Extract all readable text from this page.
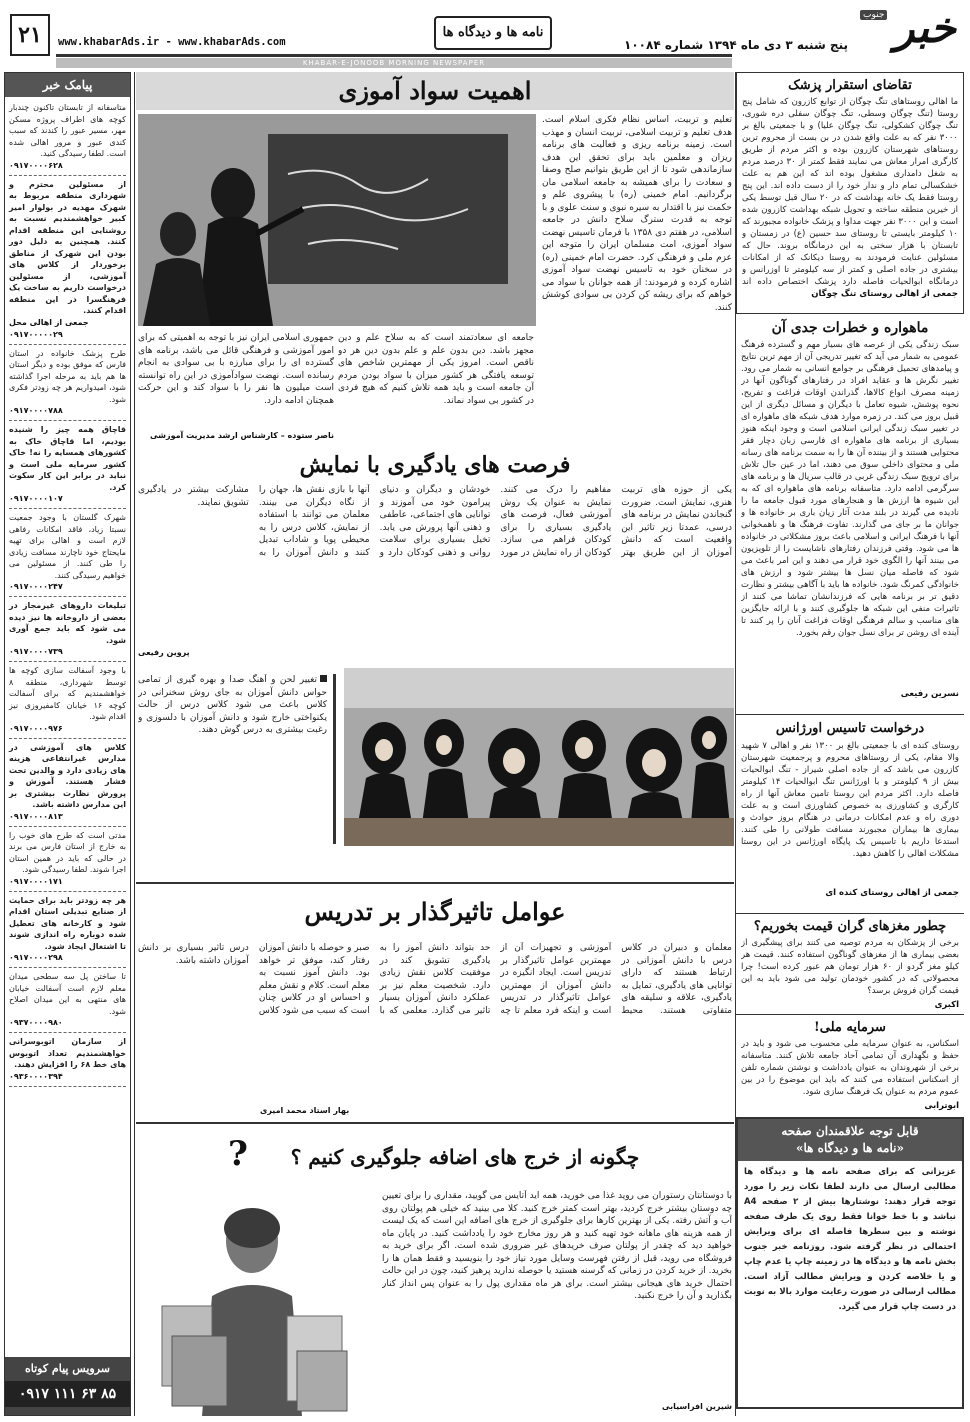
خبر
جنوب
پنج شنبه ۳ دی ماه ۱۳۹۴ شماره ۱۰۰۸۴
نامه ها و دیدگاه ها
www.khabarAds.ir - www.khabarAds.com
۲۱
KHABAR-E-JONOOB MORNING NEWSPAPER
تقاضای استقرار پزشک
ما اهالی روستاهای تنگ چوگان از توابع کازرون که شامل پنج روستا (تنگ چوگان وسطی، تنگ چوگان سفلی دره شوری، تنگ چوگان کشکولی، تنگ چوگان علیا) و با جمعیتی بالغ بر ۳۰۰۰ نفر که به علت واقع شدن در بن بست از محروم ترین روستاهای شهرستان کازرون بوده و اکثر مردم از طریق کارگری امرار معاش می نمایند فقط کمتر از ۳۰ درصد مردم به شغل دامداری مشغول بوده اند که این هم به علت خشکسالی تمام دار و ندار خود را از دست داده اند. این پنج روستا فقط یک خانه بهداشت که در ۲۰ سال قبل توسط یکی از خیرین منطقه ساخته و تحویل شبکه بهداشت کازرون شده است و این ۳۰۰۰ نفر جهت مداوا و پزشک خانواده مجبورند که ۱۰ کیلومتر بایستی تا روستای سد حسین (ع) در زمستان و تابستان با هزار سختی به این درمانگاه بروند. حال که مسئولین عنایت فرمودند به روستا دیکانک که از امکانات بیشتری در جاده اصلی و کمتر از سه کیلومتر تا اوزرانس و درمانگاه ابوالحیات فاصله دارد پزشک اختصاص داده اند
جمعی از اهالی روستای تنگ چوگان
ماهواره و خطرات جدی آن
سبک زندگی یکی از عرصه های بسیار مهم و گسترده فرهنگ عمومی به شمار می آید که تغییر تدریجی آن از مهم ترین نتایج و پیامدهای تحمیل فرهنگی بر جوامع انسانی به شمار می رود. تغییر نگرش ها و عقاید افراد در رفتارهای گوناگون آنها در زمینه مصرف انواع کالاها، گذراندن اوقات فراغت و تفریح، نحوه پوشش، شیوه تعامل با دیگران و مسائل دیگری از این قبیل بروز می کند. در زمره موارد هدف شبکه های ماهواره ای در تغییر سبک زندگی ایرانی اسلامی است و وجود اینکه هنوز بسیاری از برنامه های ماهواره ای فارسی زبان دچار فقر محتوایی هستند و از بیننده آن ها را به سمت برنامه های رسانه ملی و محتوای داخلی سوق می دهند، اما در عین حال تلاش برای ترویج سبک زندگی غربی در قالب سریال ها و برنامه های سرگرمی ادامه دارد. متاسفانه برنامه های ماهواره ای که به این شیوه ها ارزش ها و هنجارهای مورد قبول جامعه ما را نادیده می گیرند در بلند مدت آثار زیان باری بر خانواده ها و جوانان ما بر جای می گذارند. تفاوت فرهنگ ها و ناهمخوانی آنها با فرهنگ ایرانی و اسلامی باعث بروز مشکلاتی در خانواده ها می شود. وقتی فرزندان رفتارهای ناشایست را از تلویزیون می بینند آنها را الگوی خود قرار می دهند و این امر باعث می شود که فاصله میان نسل ها بیشتر شود و ارزش های خانوادگی کمرنگ شود. خانواده ها باید با آگاهی بیشتر و نظارت دقیق تر بر برنامه هایی که فرزندانشان تماشا می کنند از تاثیرات منفی این شبکه ها جلوگیری کنند و با ارائه جایگزین های مناسب و سالم فرهنگی اوقات فراغت آنان را پر کنند تا آینده ای روشن تر برای نسل جوان رقم بخورد.
نسرین رفیعی
درخواست تاسیس اورژانس
روستای کنده ای با جمعیتی بالغ بر ۱۳۰۰ نفر و اهالی ۷ شهید والا مقام، یکی از روستاهای محروم و پرجمعیت شهرستان کازرون می باشد که از جاده اصلی شیراز - تنگ ابوالحیات بیش از ۹ کیلومتر و با اورژانس تنگ ابوالحیات ۱۴ کیلومتر فاصله دارد. اکثر مردم این روستا تامین معاش آنها از راه کارگری و کشاورزی به خصوص کشاورزی است و به علت دوری راه و عدم امکانات درمانی در هنگام بروز حوادث و بیماری ها بیماران مجبورند مسافت طولانی را طی کنند. استدعا داریم با تاسیس یک پایگاه اورژانس در این روستا مشکلات اهالی را کاهش دهید.
جمعی از اهالی روستای کنده ای
چطور مغزهای گران قیمت بخوریم؟
برخی از پزشکان به مردم توصیه می کنند برای پیشگیری از بعضی بیماری ها از مغزهای گوناگون استفاده کنند. قیمت هر کیلو مغز گردو از ۶۰ هزار تومان هم عبور کرده است! چرا محصولاتی که در کشور خودمان تولید می شود باید به این قیمت گران فروش برسد؟
اکبری
سرمایه ملی!
اسکناس، به عنوان سرمایه ملی محسوب می شود و باید در حفظ و نگهداری آن تمامی آحاد جامعه تلاش کنند. متاسفانه برخی از شهروندان به عنوان یادداشت و نوشتن شماره تلفن از اسکناس استفاده می کنند که باید این موضوع را در بین عموم مردم به عنوان یک فرهنگ سازی شود.
ابوترابی
قابل توجه علاقمندان صفحه
«نامه ها و دیدگاه ها»
عزیزانی که برای صفحه نامه ها و دیدگاه ها مطالبی ارسال می دارند لطفا نکات زیر را مورد توجه قرار دهند: نوشتارها بیش از ۲ صفحه A4 نباشد و با خط خوانا فقط روی یک طرف صفحه نوشته و بین سطرها فاصله ای برای ویرایش احتمالی در نظر گرفته شود. روزنامه خبر جنوب بخش نامه ها و دیدگاه ها در زمینه چاپ یا عدم چاپ و یا خلاصه کردن و ویرایش مطالب آزاد است. مطالب ارسالی در صورت رعایت موارد بالا به نوبت در دست چاپ قرار می گیرد.
پیامک خبر
متاسفانه از تابستان تاکنون چندبار کوچه های اطراف پروژه مسکن مهر، مسیر عبور را کندند که سبب کندی عبور و مرور اهالی شده است. لطفا رسیدگی کنید.
۰۹۱۷۰۰۰۰۶۲۸
از مسئولین محترم و شهرداری منطقه مربوط به شهرک مهدیه در بولوار امیر کبیر خواهشمندیم نسبت به روشنایی این منطقه اقدام کنند. همچنین به دلیل دور بودن این شهرک از مناطق برخوردار از کلاس های آموزشی، از مسئولین درخواست داریم به ساخت یک فرهنگسرا در این منطقه اقدام کنند.
جمعی از اهالی محل ۰۹۱۷۰۰۰۰۰۲۹
طرح پزشک خانواده در استان فارس که موفق بوده و دیگر استان ها هم باید به مرحله اجرا گذاشته شود، امیدواریم هر چه زودتر فکری شود.
۰۹۱۷۰۰۰۰۷۸۸
قاچاق همه چیز را شنیده بودیم، اما قاچاق خاک به کشورهای همسایه را نه! خاک کشور سرمایه ملی است و نباید در برابر این کار سکوت کرد.
۰۹۱۷۰۰۰۰۱۰۷
شهرک گلستان با وجود جمعیت نسبتا زیاد، فاقد امکانات رفاهی لازم است و اهالی برای تهیه مایحتاج خود ناچارند مسافت زیادی را طی کنند. از مسئولین می خواهیم رسیدگی کنند.
۰۹۱۷۰۰۰۰۲۴۷
تبلیغات داروهای غیرمجاز در بعضی از داروخانه ها نیز دیده می شود که باید جمع آوری شود.
۰۹۱۷۰۰۰۰۷۳۹
با وجود آسفالت سازی کوچه ها توسط شهرداری، منطقه ۸ خواهشمندیم که برای آسفالت کوچه ۱۶ خیابان کامفیروزی نیز اقدام شود.
۰۹۱۷۰۰۰۰۹۷۶
کلاس های آموزشی در مدارس غیرانتفاعی هزینه های زیادی دارد و والدین تحت فشار هستند. آموزش و پرورش نظارت بیشتری بر این مدارس داشته باشد.
۰۹۱۷۰۰۰۰۸۱۳
مدتی است که طرح های خوب را به خارج از استان فارس می برند در حالی که باید در همین استان اجرا شوند. لطفا رسیدگی شود.
۰۹۱۷۰۰۰۰۱۷۱
هر چه زودتر باید برای حمایت از صنایع تبدیلی استان اقدام شود و کارخانه های تعطیل شده دوباره راه اندازی شوند تا اشتغال ایجاد شود.
۰۹۱۷۰۰۰۰۲۹۸
تا ساختن پل سه سطحی میدان معلم لازم است آسفالت خیابان های منتهی به این میدان اصلاح شود.
۰۹۳۷۰۰۰۰۹۸۰
از سازمان اتوبوسرانی خواهشمندیم تعداد اتوبوس های خط ۶۸ را افزایش دهند.
۰۹۳۶۰۰۰۰۳۹۴
سرویس پیام کوتاه
۰۹۱۷ ۱۱۱ ۶۳ ۸۵
اهمیت سواد آموزی
تعلیم و تربیت، اساس نظام فکری اسلام است. هدف تعلیم و تربیت اسلامی، تربیت انسان و مهذب است. زمینه برنامه ریزی و فعالیت های برنامه ریزان و معلمین باید برای تحقق این هدف سازماندهی شود تا از این طریق بتوانیم صلح وصفا و سعادت را برای همیشه به جامعه اسلامی مان برگردانیم. امام خمینی (ره) با پیشروی علم و حکمت نیز با اقتدار به سیره نبوی و سنت علوی و با توجه به قدرت سترگ سلاح دانش در جامعه اسلامی، در هفتم دی ۱۳۵۸ با فرمان تاسیس نهضت سواد آموزی، امت مسلمان ایران را متوجه این عزم ملی و فرهنگی کرد. حضرت امام خمینی (ره) در سخنان خود به تاسیس نهضت سواد آموزی اشاره کرده و فرمودند: از همه جوانان با سواد می خواهم که برای ریشه کن کردن بی سوادی کوشش کنند.
جامعه ای سعادتمند است که به سلاح علم و دین مجهز باشد. دین بدون علم و علم بدون دین هر دو ناقص است. امروز یکی از مهمترین شاخص های توسعه یافتگی هر کشور میزان با سواد بودن مردم آن جامعه است و باید همه تلاش کنیم که هیچ فردی در کشور بی سواد نماند.
جمهوری اسلامی ایران نیز با توجه به اهمیتی که برای امور آموزشی و فرهنگی قائل می باشد، برنامه های گسترده ای را برای مبارزه با بی سوادی به انجام رسانده است. نهضت سوادآموزی در این راه توانسته است میلیون ها نفر را با سواد کند و این حرکت همچنان ادامه دارد.
ناصر ستوده – کارشناس ارشد مدیریت آموزشی
فرصت های یادگیری با نمایش
یکی از حوزه های تربیت هنری، نمایش است. ضرورت گنجاندن نمایش در برنامه های درسی، عمدتا زیر تاثیر این واقعیت است که دانش آموزان از این طریق بهتر مفاهیم را درک می کنند. نمایش به عنوان یک روش آموزشی فعال، فرصت های یادگیری بسیاری را برای کودکان فراهم می سازد. کودکان از راه نمایش در مورد خودشان و دیگران و دنیای پیرامون خود می آموزند و توانایی های اجتماعی، عاطفی و ذهنی آنها پرورش می یابد. تخیل بسیاری برای سلامت روانی و ذهنی کودکان دارد و آنها با بازی نقش ها، جهان را از نگاه دیگران می بینند. معلمان می توانند با استفاده از نمایش، کلاس درس را به محیطی پویا و شاداب تبدیل کنند و دانش آموزان را به مشارکت بیشتر در یادگیری تشویق نمایند.
پروین رفیعی
تغییر لحن و آهنگ صدا و بهره گیری از تمامی حواس دانش آموزان به جای روش سخنرانی در کلاس باعث می شود کلاس درس از حالت یکنواختی خارج شود و دانش آموزان با دلسوزی و رغبت بیشتری به درس گوش دهند.
عوامل تاثیرگذار بر تدریس
معلمان و دبیران در کلاس درس با دانش آموزانی در ارتباط هستند که دارای توانایی های یادگیری، تمایل به یادگیری، علاقه و سلیقه های متفاوتی هستند. محیط آموزشی و تجهیزات آن از مهمترین عوامل تاثیرگذار بر تدریس است. ایجاد انگیزه در دانش آموزان از مهمترین عوامل تاثیرگذار در تدریس است و اینکه فرد معلم تا چه حد بتواند دانش آموز را به یادگیری تشویق کند در موفقیت کلاس نقش زیادی دارد. شخصیت معلم نیز بر عملکرد دانش آموزان بسیار تاثیر می گذارد. معلمی که با صبر و حوصله با دانش آموزان رفتار کند، موفق تر خواهد بود. دانش آموز نسبت به معلم است. کلام و نقش معلم و احساس او در کلاس چنان است که سبب می شود کلاس درس تاثیر بسیاری بر دانش آموزان داشته باشد.
بهار استاد محمد امیری
چگونه از خرج های اضافه جلوگیری کنیم ؟
?
با دوستانتان رستوران می روید غذا می خورید، همه اید آتایس می گویید، مقداری را برای تعیین چه دوستان بیشتر خرج کردید، بهتر است کمتر خرج کنید. کلا می بینید که خیلی هم پولتان روی آب و آتش رفته. یکی از بهترین کارها برای جلوگیری از خرج های اضافه این است که یک لیست از همه هزینه های ماهانه خود تهیه کنید و هر روز مخارج خود را یادداشت کنید. در پایان ماه خواهید دید که چقدر از پولتان صرف خریدهای غیر ضروری شده است. اگر برای خرید به فروشگاه می روید، قبل از رفتن فهرست وسایل مورد نیاز خود را بنویسید و فقط همان ها را بخرید. از خرید کردن در زمانی که گرسنه هستید یا حوصله ندارید پرهیز کنید، چون در این حالت احتمال خرید های هیجانی بیشتر است. برای هر ماه مقداری پول را به عنوان پس انداز کنار بگذارید و آن را خرج نکنید.
شیرین افراسیابی
